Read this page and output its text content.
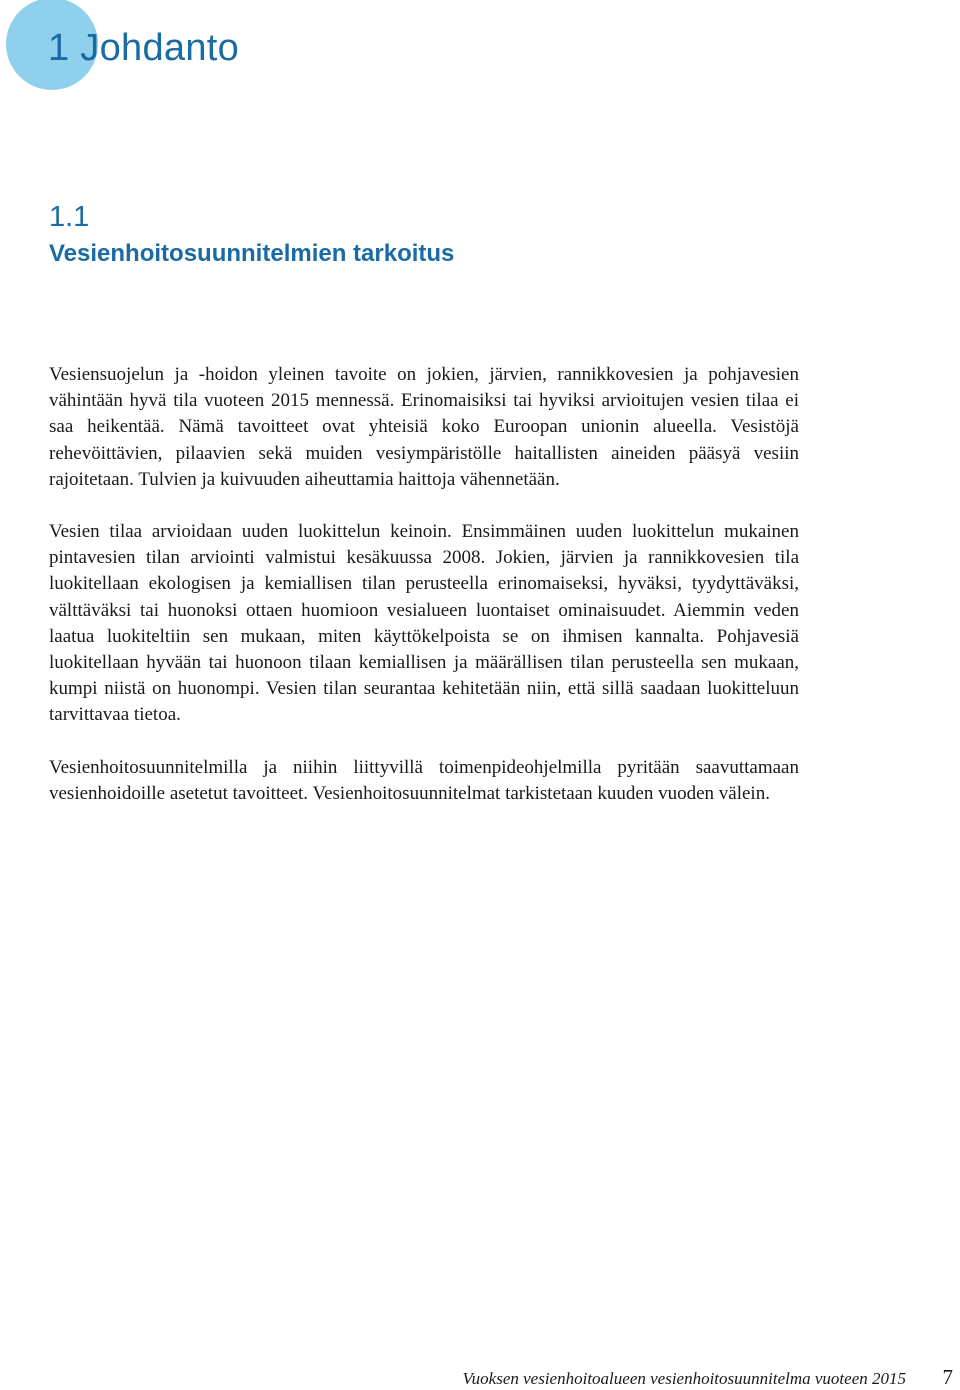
1 Johdanto
1.1
Vesienhoitosuunnitelmien tarkoitus

Vesiensuojelun ja -hoidon yleinen tavoite on jokien, järvien, rannikkovesien ja pohjavesien vähintään hyvä tila vuoteen 2015 mennessä. Erinomaisiksi tai hyviksi arvioitujen vesien tilaa ei saa heikentää. Nämä tavoitteet ovat yhteisiä koko Euroopan unionin alueella. Vesistöjä rehevöittävien, pilaavien sekä muiden vesiympäristölle haitallisten aineiden pääsyä vesiin rajoitetaan. Tulvien ja kuivuuden aiheuttamia haittoja vähennetään.

Vesien tilaa arvioidaan uuden luokittelun keinoin. Ensimmäinen uuden luokittelun mukainen pintavesien tilan arviointi valmistui kesäkuussa 2008. Jokien, järvien ja rannikkovesien tila luokitellaan ekologisen ja kemiallisen tilan perusteella erinomaiseksi, hyväksi, tyydyttäväksi, välttäväksi tai huonoksi ottaen huomioon vesialueen luontaiset ominaisuudet. Aiemmin veden laatua luokiteltiin sen mukaan, miten käyttökelpoista se on ihmisen kannalta. Pohjavesiä luokitellaan hyvään tai huonoon tilaan kemiallisen ja määrällisen tilan perusteella sen mukaan, kumpi niistä on huonompi. Vesien tilan seurantaa kehitetään niin, että sillä saadaan luokitteluun tarvittavaa tietoa.

Vesienhoitosuunnitelmilla ja niihin liittyvillä toimenpideohjelmilla pyritään saavuttamaan vesienhoidoille asetetut tavoitteet. Vesienhoitosuunnitelmat tarkistetaan kuuden vuoden välein.

Vuoksen vesienhoitoalueen vesienhoitosuunnitelma vuoteen 2015 7
